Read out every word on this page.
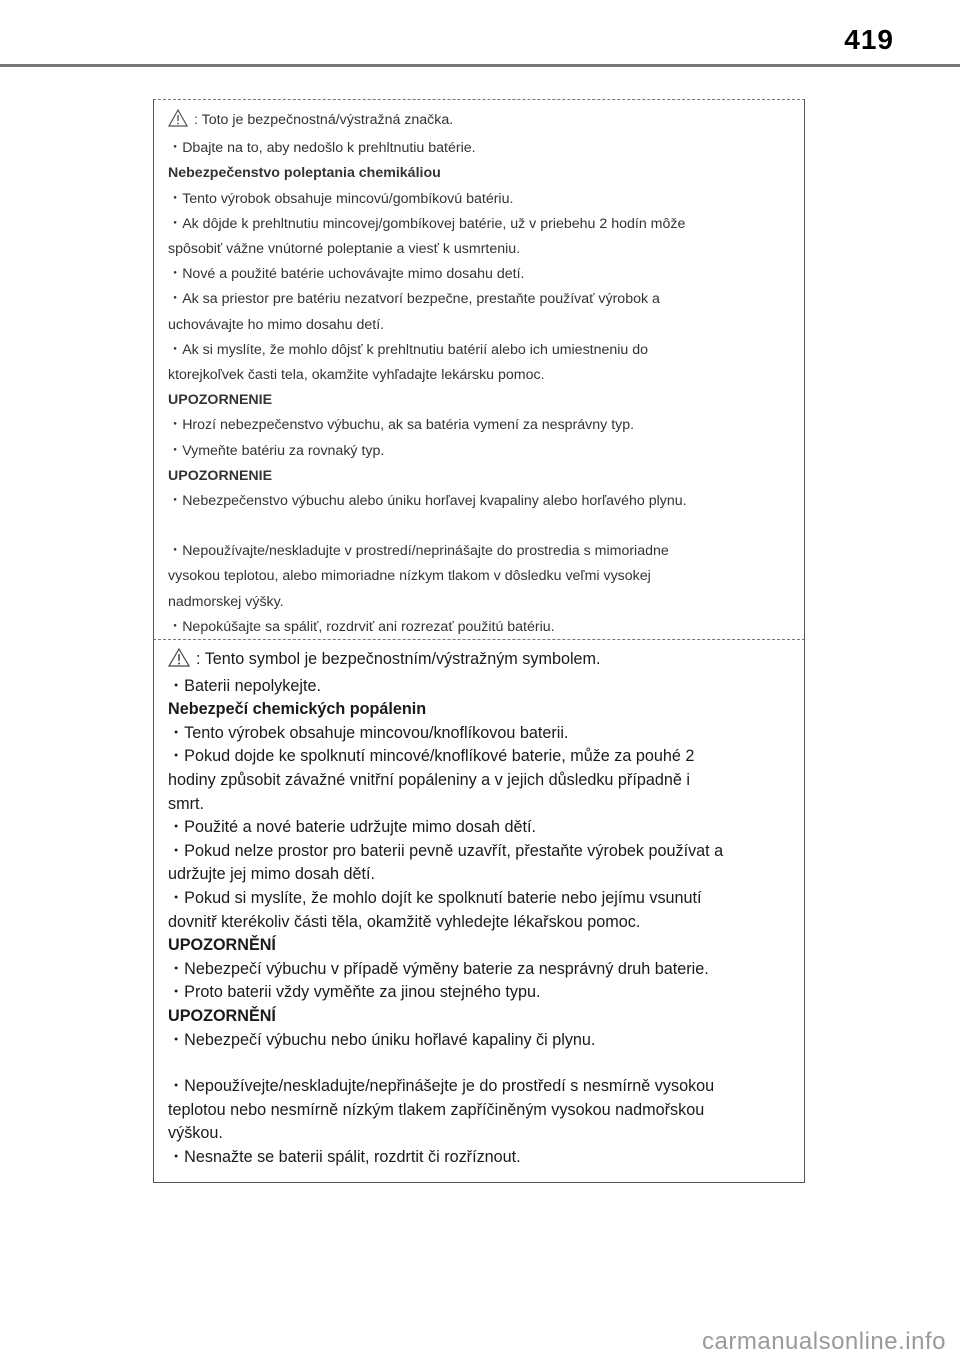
419

: Toto je bezpečnostná/výstražná značka.

・Dbajte na to, aby nedošlo k prehltnutiu batérie.

Nebezpečenstvo poleptania chemikáliou

・Tento výrobok obsahuje mincovú/gombíkovú batériu.

・Ak dôjde k prehltnutiu mincovej/gombíkovej batérie, už v priebehu 2 hodín môže

spôsobiť vážne vnútorné poleptanie a viesť k usmrteniu.

・Nové a použité batérie uchovávajte mimo dosahu detí.

・Ak sa priestor pre batériu nezatvorí bezpečne, prestaňte používať výrobok a

uchovávajte ho mimo dosahu detí.

・Ak si myslíte, že mohlo dôjsť k prehltnutiu batérií alebo ich umiestneniu do

ktorejkoľvek časti tela, okamžite vyhľadajte lekársku pomoc.

UPOZORNENIE

・Hrozí nebezpečenstvo výbuchu, ak sa batéria vymení za nesprávny typ.

・Vymeňte batériu za rovnaký typ.

UPOZORNENIE

・Nebezpečenstvo výbuchu alebo úniku horľavej kvapaliny alebo horľavého plynu.

・Nepoužívajte/neskladujte v prostredí/neprinášajte do prostredia s mimoriadne

vysokou teplotou, alebo mimoriadne nízkym tlakom v dôsledku veľmi vysokej

nadmorskej výšky.

・Nepokúšajte sa spáliť, rozdrviť ani rozrezať použitú batériu.

: Tento symbol je bezpečnostním/výstražným symbolem.

・Baterii nepolykejte.

Nebezpečí chemických popálenin

・Tento výrobek obsahuje mincovou/knoflíkovou baterii.

・Pokud dojde ke spolknutí mincové/knoflíkové baterie, může za pouhé 2

hodiny způsobit závažné vnitřní popáleniny a v jejich důsledku případně i

smrt.

・Použité a nové baterie udržujte mimo dosah dětí.

・Pokud nelze prostor pro baterii pevně uzavřít, přestaňte výrobek používat a

udržujte jej mimo dosah dětí.

・Pokud si myslíte, že mohlo dojít ke spolknutí baterie nebo jejímu vsunutí

dovnitř kterékoliv části těla, okamžitě vyhledejte lékařskou pomoc.

UPOZORNĚNÍ

・Nebezpečí výbuchu v případě výměny baterie za nesprávný druh baterie.

・Proto baterii vždy vyměňte za jinou stejného typu.

UPOZORNĚNÍ

・Nebezpečí výbuchu nebo úniku hořlavé kapaliny či plynu.

・Nepoužívejte/neskladujte/nepřinášejte je do prostředí s nesmírně vysokou

teplotou nebo nesmírně nízkým tlakem zapříčiněným vysokou nadmořskou

výškou.

・Nesnažte se baterii spálit, rozdrtit či rozříznout.

carmanualsonline.info
